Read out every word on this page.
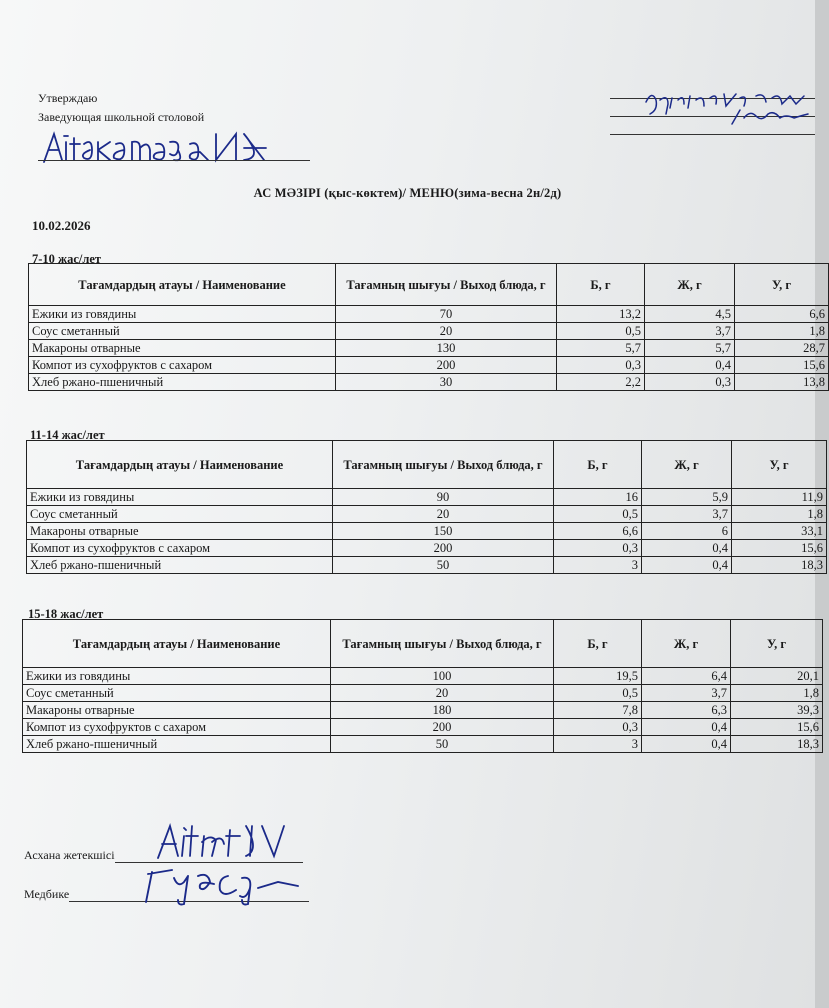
Утверждаю
Заведующая школьной столовой
АС МӘЗІРІ (қыс-көктем)/ МЕНЮ(зима-весна 2н/2д)
10.02.2026
7-10 жас/лет
Тағамдардың атауы / Наименование	Тағамның шығуы / Выход блюда, г	Б, г	Ж, г	У, г
Ежики из говядины	70	13,2	4,5	6,6
Соус сметанный	20	0,5	3,7	1,8
Макароны отварные	130	5,7	5,7	28,7
Компот из сухофруктов с сахаром	200	0,3	0,4	15,6
Хлеб ржано-пшеничный	30	2,2	0,3	13,8
11-14 жас/лет
Тағамдардың атауы / Наименование	Тағамның шығуы / Выход блюда, г	Б, г	Ж, г	У, г
Ежики из говядины	90	16	5,9	11,9
Соус сметанный	20	0,5	3,7	1,8
Макароны отварные	150	6,6	6	33,1
Компот из сухофруктов с сахаром	200	0,3	0,4	15,6
Хлеб ржано-пшеничный	50	3	0,4	18,3
15-18 жас/лет
Тағамдардың атауы / Наименование	Тағамның шығуы / Выход блюда, г	Б, г	Ж, г	У, г
Ежики из говядины	100	19,5	6,4	20,1
Соус сметанный	20	0,5	3,7	1,8
Макароны отварные	180	7,8	6,3	39,3
Компот из сухофруктов с сахаром	200	0,3	0,4	15,6
Хлеб ржано-пшеничный	50	3	0,4	18,3
Асхана жетекшісі
Медбике
